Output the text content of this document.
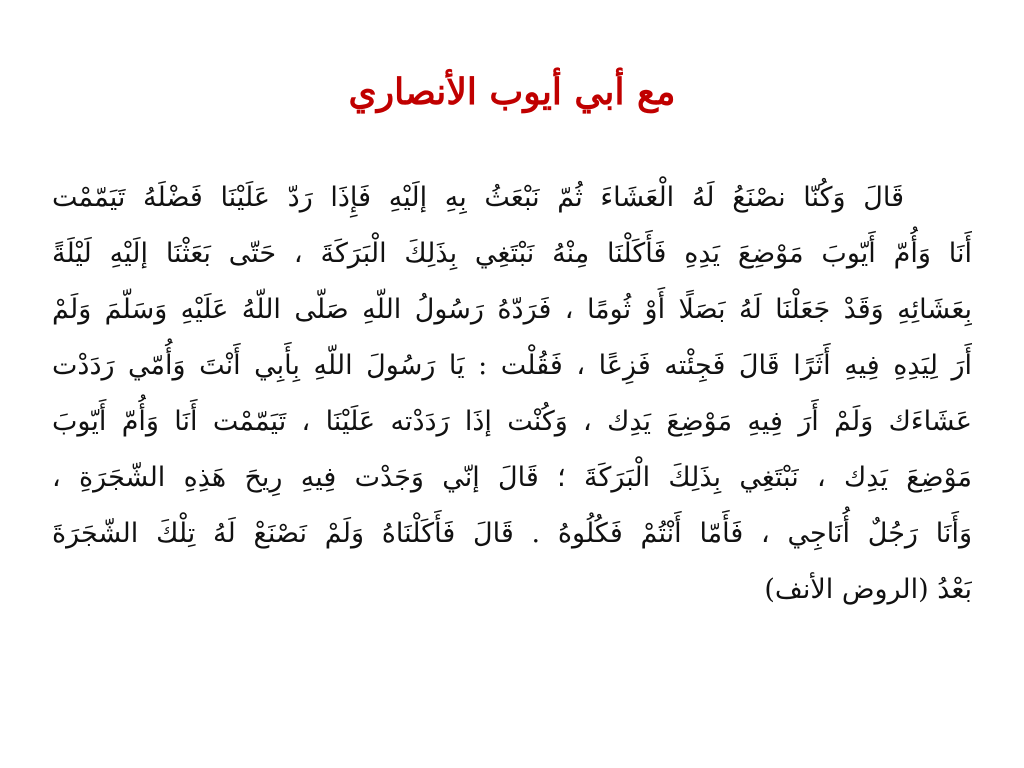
مع أبي أيوب الأنصاري
قَالَ وَكُنّا نصْنَعُ لَهُ الْعَشَاءَ ثُمّ نَبْعَثُ بِهِ إلَيْهِ فَإِذَا رَدّ عَلَيْنَا فَضْلَهُ تَيَمّمْت
أَنَا وَأُمّ أَيّوبَ مَوْضِعَ يَدِهِ فَأَكَلْنَا مِنْهُ نَبْتَغِي بِذَلِكَ الْبَرَكَةَ ، حَتّى بَعَثْنَا إلَيْهِ لَيْلَةً
بِعَشَائِهِ وَقَدْ جَعَلْنَا لَهُ بَصَلًا أَوْ ثُومًا ، فَرَدّهُ رَسُولُ اللّهِ صَلّى اللّهُ عَلَيْهِ وَسَلّمَ وَلَمْ
أَرَ لِيَدِهِ فِيهِ أَثَرًا قَالَ فَجِئْته فَزِعًا ، فَقُلْت : يَا رَسُولَ اللّهِ بِأَبِي أَنْتَ وَأُمّي رَدَدْت
عَشَاءَك وَلَمْ أَرَ فِيهِ مَوْضِعَ يَدِك ، وَكُنْت إذَا رَدَدْته عَلَيْنَا ، تَيَمّمْت أَنَا وَأُمّ أَيّوبَ
مَوْضِعَ يَدِك ، نَبْتَغِي بِذَلِكَ الْبَرَكَةَ ؛ قَالَ إنّي وَجَدْت فِيهِ رِيحَ هَذِهِ الشّجَرَةِ ،
وَأَنَا رَجُلٌ أُنَاجِي ، فَأَمّا أَنْتُمْ فَكُلُوهُ . قَالَ فَأَكَلْنَاهُ وَلَمْ نَصْنَعْ لَهُ تِلْكَ الشّجَرَةَ
بَعْدُ (الروض الأنف)
